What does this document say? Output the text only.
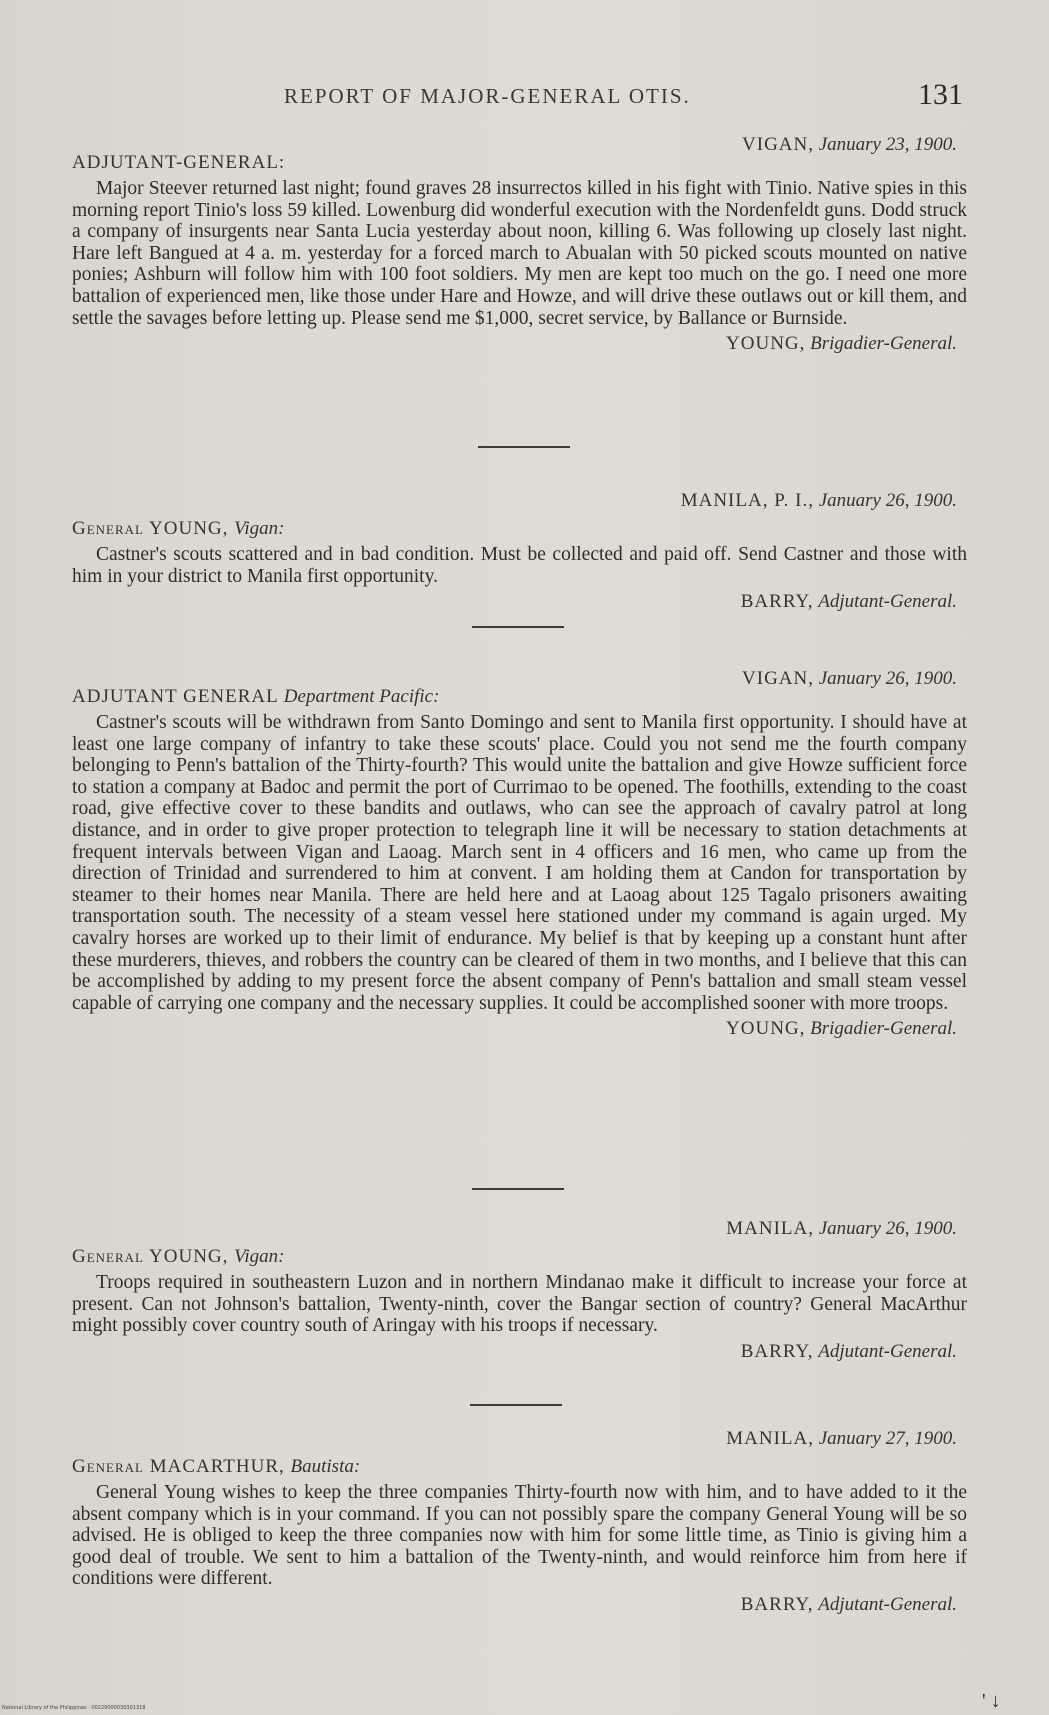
REPORT OF MAJOR-GENERAL OTIS.	131

VIGAN, January 23, 1900.

ADJUTANT-GENERAL:

Major Steever returned last night; found graves 28 insurrectos killed in his fight with Tinio. Native spies in this morning report Tinio's loss 59 killed. Lowenburg did wonderful execution with the Nordenfeldt guns. Dodd struck a company of insurgents near Santa Lucia yesterday about noon, killing 6. Was following up closely last night. Hare left Bangued at 4 a. m. yesterday for a forced march to Abualan with 50 picked scouts mounted on native ponies; Ashburn will follow him with 100 foot soldiers. My men are kept too much on the go. I need one more battalion of experienced men, like those under Hare and Howze, and will drive these outlaws out or kill them, and settle the savages before letting up. Please send me $1,000, secret service, by Ballance or Burnside.

YOUNG, Brigadier-General.

MANILA, P. I., January 26, 1900.

General YOUNG, Vigan:

Castner's scouts scattered and in bad condition. Must be collected and paid off. Send Castner and those with him in your district to Manila first opportunity.

BARRY, Adjutant-General.

VIGAN, January 26, 1900.

ADJUTANT GENERAL Department Pacific:

Castner's scouts will be withdrawn from Santo Domingo and sent to Manila first opportunity. I should have at least one large company of infantry to take these scouts' place. Could you not send me the fourth company belonging to Penn's battalion of the Thirty-fourth? This would unite the battalion and give Howze sufficient force to station a company at Badoc and permit the port of Currimao to be opened. The foothills, extending to the coast road, give effective cover to these bandits and outlaws, who can see the approach of cavalry patrol at long distance, and in order to give proper protection to telegraph line it will be necessary to station detachments at frequent intervals between Vigan and Laoag. March sent in 4 officers and 16 men, who came up from the direction of Trinidad and surrendered to him at convent. I am holding them at Candon for transportation by steamer to their homes near Manila. There are held here and at Laoag about 125 Tagalo prisoners awaiting transportation south. The necessity of a steam vessel here stationed under my command is again urged. My cavalry horses are worked up to their limit of endurance. My belief is that by keeping up a constant hunt after these murderers, thieves, and robbers the country can be cleared of them in two months, and I believe that this can be accomplished by adding to my present force the absent company of Penn's battalion and small steam vessel capable of carrying one company and the necessary supplies. It could be accomplished sooner with more troops.

YOUNG, Brigadier-General.

MANILA, January 26, 1900.

General YOUNG, Vigan:

Troops required in southeastern Luzon and in northern Mindanao make it difficult to increase your force at present. Can not Johnson's battalion, Twenty-ninth, cover the Bangar section of country? General MacArthur might possibly cover country south of Aringay with his troops if necessary.

BARRY, Adjutant-General.

MANILA, January 27, 1900.

General MACARTHUR, Bautista:

General Young wishes to keep the three companies Thirty-fourth now with him, and to have added to it the absent company which is in your command. If you can not possibly spare the company General Young will be so advised. He is obliged to keep the three companies now with him for some little time, as Tinio is giving him a good deal of trouble. We sent to him a battalion of the Twenty-ninth, and would reinforce him from here if conditions were different.

BARRY, Adjutant-General.

National Library of the Philippines · 00229000030301318	' ↓
